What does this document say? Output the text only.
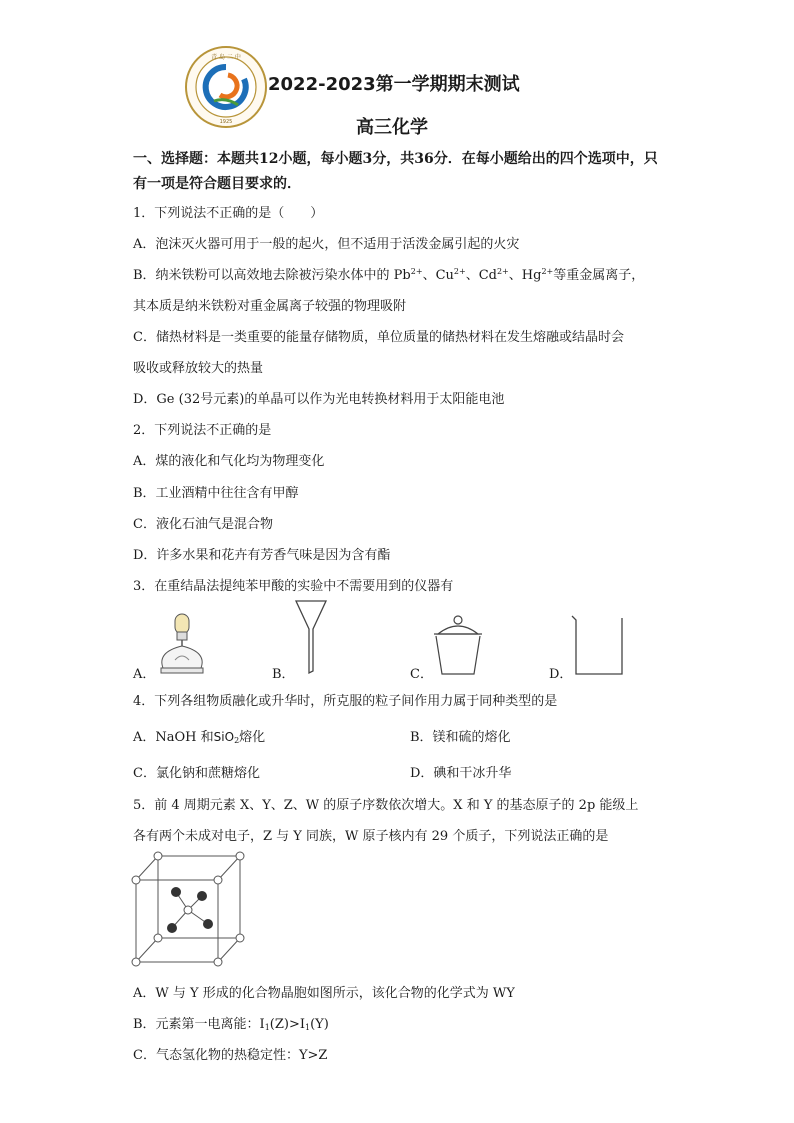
青 岛 二 中
1925
2022-2023第一学期期末测试
高三化学
一、选择题：本题共12小题，每小题3分，共36分．在每小题给出的四个选项中，只
有一项是符合题目要求的．
1．下列说法不正确的是（　　）
A．泡沫灭火器可用于一般的起火，但不适用于活泼金属引起的火灾
B．纳米铁粉可以高效地去除被污染水体中的 $Pb^{2+}$、$Cu^{2+}$、$Cd^{2+}$、$Hg^{2+}$等重金属离子，
其本质是纳米铁粉对重金属离子较强的物理吸附
C．储热材料是一类重要的能量存储物质，单位质量的储热材料在发生熔融或结晶时会
吸收或释放较大的热量
D．Ge (32号元素)的单晶可以作为光电转换材料用于太阳能电池
2．下列说法不正确的是
A．煤的液化和气化均为物理变化
B．工业酒精中往往含有甲醇
C．液化石油气是混合物
D．许多水果和花卉有芳香气味是因为含有酯
3．在重结晶法提纯苯甲酸的实验中不需要用到的仪器有
A．	B．	C．	D．
4．下列各组物质融化或升华时，所克服的粒子间作用力属于同种类型的是
A．NaOH 和SiO$_2$熔化	B．镁和硫的熔化
C．氯化钠和蔗糖熔化	D．碘和干冰升华
5．前 4 周期元素 X、Y、Z、W 的原子序数依次增大。X 和 Y 的基态原子的 2p 能级上
各有两个未成对电子，Z 与 Y 同族，W 原子核内有 29 个质子，下列说法正确的是
A．W 与 Y 形成的化合物晶胞如图所示，该化合物的化学式为 WY
B．元素第一电离能：$I_1(Z)>I_1(Y)$
C．气态氢化物的热稳定性：Y>Z
